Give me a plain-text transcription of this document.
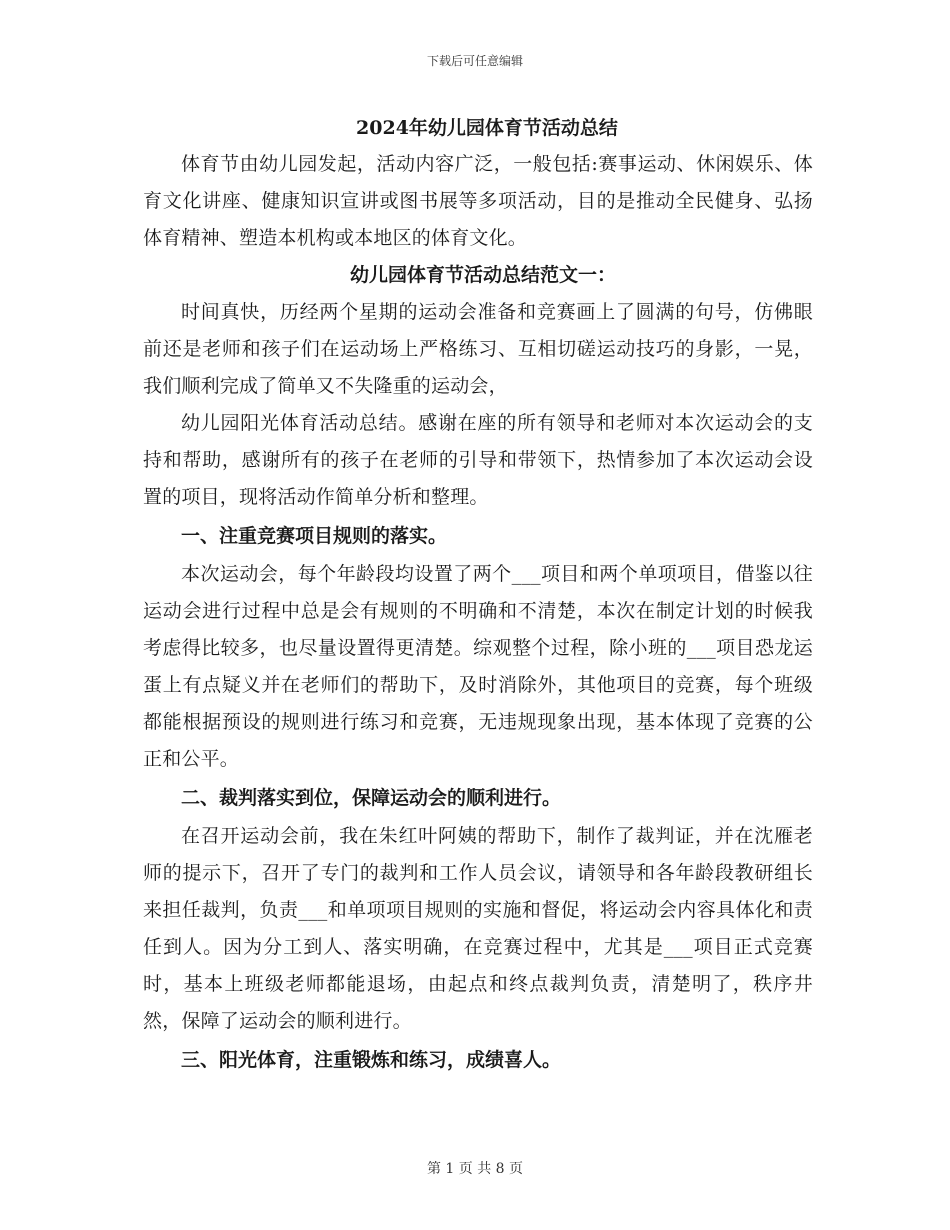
下载后可任意编辑
2024年幼儿园体育节活动总结

体育节由幼儿园发起，活动内容广泛，一般包括:赛事运动、休闲娱乐、体育文化讲座、健康知识宣讲或图书展等多项活动，目的是推动全民健身、弘扬体育精神、塑造本机构或本地区的体育文化。

幼儿园体育节活动总结范文一：

时间真快，历经两个星期的运动会准备和竞赛画上了圆满的句号，仿佛眼前还是老师和孩子们在运动场上严格练习、互相切磋运动技巧的身影，一晃，我们顺利完成了简单又不失隆重的运动会，

幼儿园阳光体育活动总结。感谢在座的所有领导和老师对本次运动会的支持和帮助，感谢所有的孩子在老师的引导和带领下，热情参加了本次运动会设置的项目，现将活动作简单分析和整理。

一、注重竞赛项目规则的落实。

本次运动会，每个年龄段均设置了两个___项目和两个单项项目，借鉴以往运动会进行过程中总是会有规则的不明确和不清楚，本次在制定计划的时候我考虑得比较多，也尽量设置得更清楚。综观整个过程，除小班的___项目恐龙运蛋上有点疑义并在老师们的帮助下，及时消除外，其他项目的竞赛，每个班级都能根据预设的规则进行练习和竞赛，无违规现象出现，基本体现了竞赛的公正和公平。

二、裁判落实到位，保障运动会的顺利进行。

在召开运动会前，我在朱红叶阿姨的帮助下，制作了裁判证，并在沈雁老师的提示下，召开了专门的裁判和工作人员会议，请领导和各年龄段教研组长来担任裁判，负责___和单项项目规则的实施和督促，将运动会内容具体化和责任到人。因为分工到人、落实明确，在竞赛过程中，尤其是___项目正式竞赛时，基本上班级老师都能退场，由起点和终点裁判负责，清楚明了，秩序井然，保障了运动会的顺利进行。

三、阳光体育，注重锻炼和练习，成绩喜人。

第 1 页 共 8 页
